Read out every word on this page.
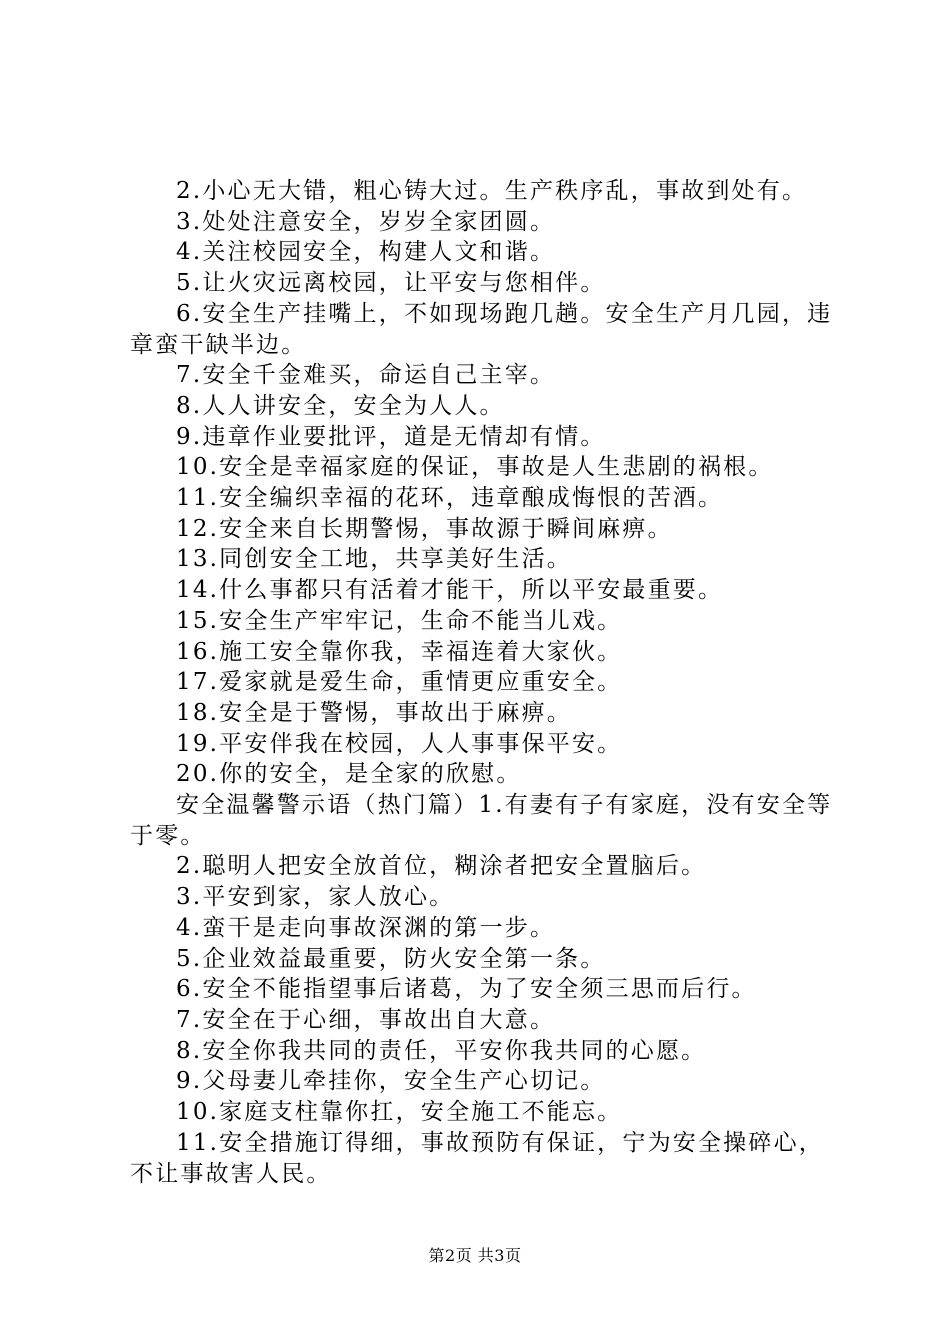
2.小心无大错，粗心铸大过。生产秩序乱，事故到处有。

3.处处注意安全，岁岁全家团圆。

4.关注校园安全，构建人文和谐。

5.让火灾远离校园，让平安与您相伴。

6.安全生产挂嘴上，不如现场跑几趟。安全生产月几园，违章蛮干缺半边。

7.安全千金难买，命运自己主宰。

8.人人讲安全，安全为人人。

9.违章作业要批评，道是无情却有情。

10.安全是幸福家庭的保证，事故是人生悲剧的祸根。

11.安全编织幸福的花环，违章酿成悔恨的苦酒。

12.安全来自长期警惕，事故源于瞬间麻痹。

13.同创安全工地，共享美好生活。

14.什么事都只有活着才能干，所以平安最重要。

15.安全生产牢牢记，生命不能当儿戏。

16.施工安全靠你我，幸福连着大家伙。

17.爱家就是爱生命，重情更应重安全。

18.安全是于警惕，事故出于麻痹。

19.平安伴我在校园，人人事事保平安。

20.你的安全，是全家的欣慰。

安全温馨警示语（热门篇）1.有妻有子有家庭，没有安全等于零。

2.聪明人把安全放首位，糊涂者把安全置脑后。

3.平安到家，家人放心。

4.蛮干是走向事故深渊的第一步。

5.企业效益最重要，防火安全第一条。

6.安全不能指望事后诸葛，为了安全须三思而后行。

7.安全在于心细，事故出自大意。

8.安全你我共同的责任，平安你我共同的心愿。

9.父母妻儿牵挂你，安全生产心切记。

10.家庭支柱靠你扛，安全施工不能忘。

11.安全措施订得细，事故预防有保证，宁为安全操碎心，不让事故害人民。

第2页 共3页
